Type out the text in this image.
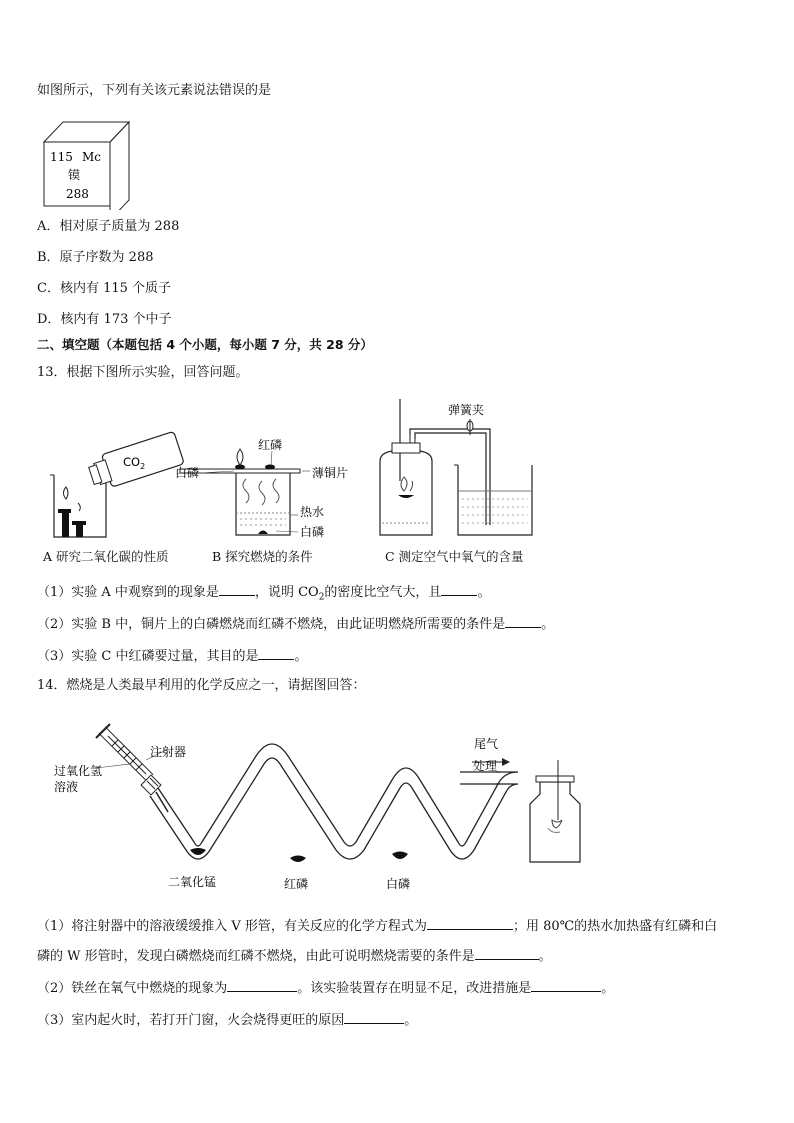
如图所示，下列有关该元素说法错误的是
115 Mc
镆
288
A．相对原子质量为 288
B．原子序数为 288
C．核内有 115 个质子
D．核内有 173 个中子
二、填空题（本题包括 4 个小题，每小题 7 分，共 28 分）
13．根据下图所示实验，回答问题。
$CO_2$
红磷
白磷	薄铜片
热水
白磷
弹簧夹
A 研究二氧化碳的性质	B 探究燃烧的条件	C 测定空气中氧气的含量
（1）实验 A 中观察到的现象是	，说明 $CO_2$的密度比空气大，且	。
（2）实验 B 中，铜片上的白磷燃烧而红磷不燃烧，由此证明燃烧所需要的条件是	。
（3）实验 C 中红磷要过量，其目的是	。
14．燃烧是人类最早利用的化学反应之一，请据图回答：
注射器
过氧化氢
溶液
尾气
二氧化锰	红磷	白磷
处理
（1）将注射器中的溶液缓缓推入 V 形管，有关反应的化学方程式为	；用 80℃的热水加热盛有红磷和白
磷的 W 形管时，发现白磷燃烧而红磷不燃烧，由此可说明燃烧需要的条件是	。
（2）铁丝在氧气中燃烧的现象为	。该实验装置存在明显不足，改进措施是	。
（3）室内起火时，若打开门窗，火会烧得更旺的原因	。
